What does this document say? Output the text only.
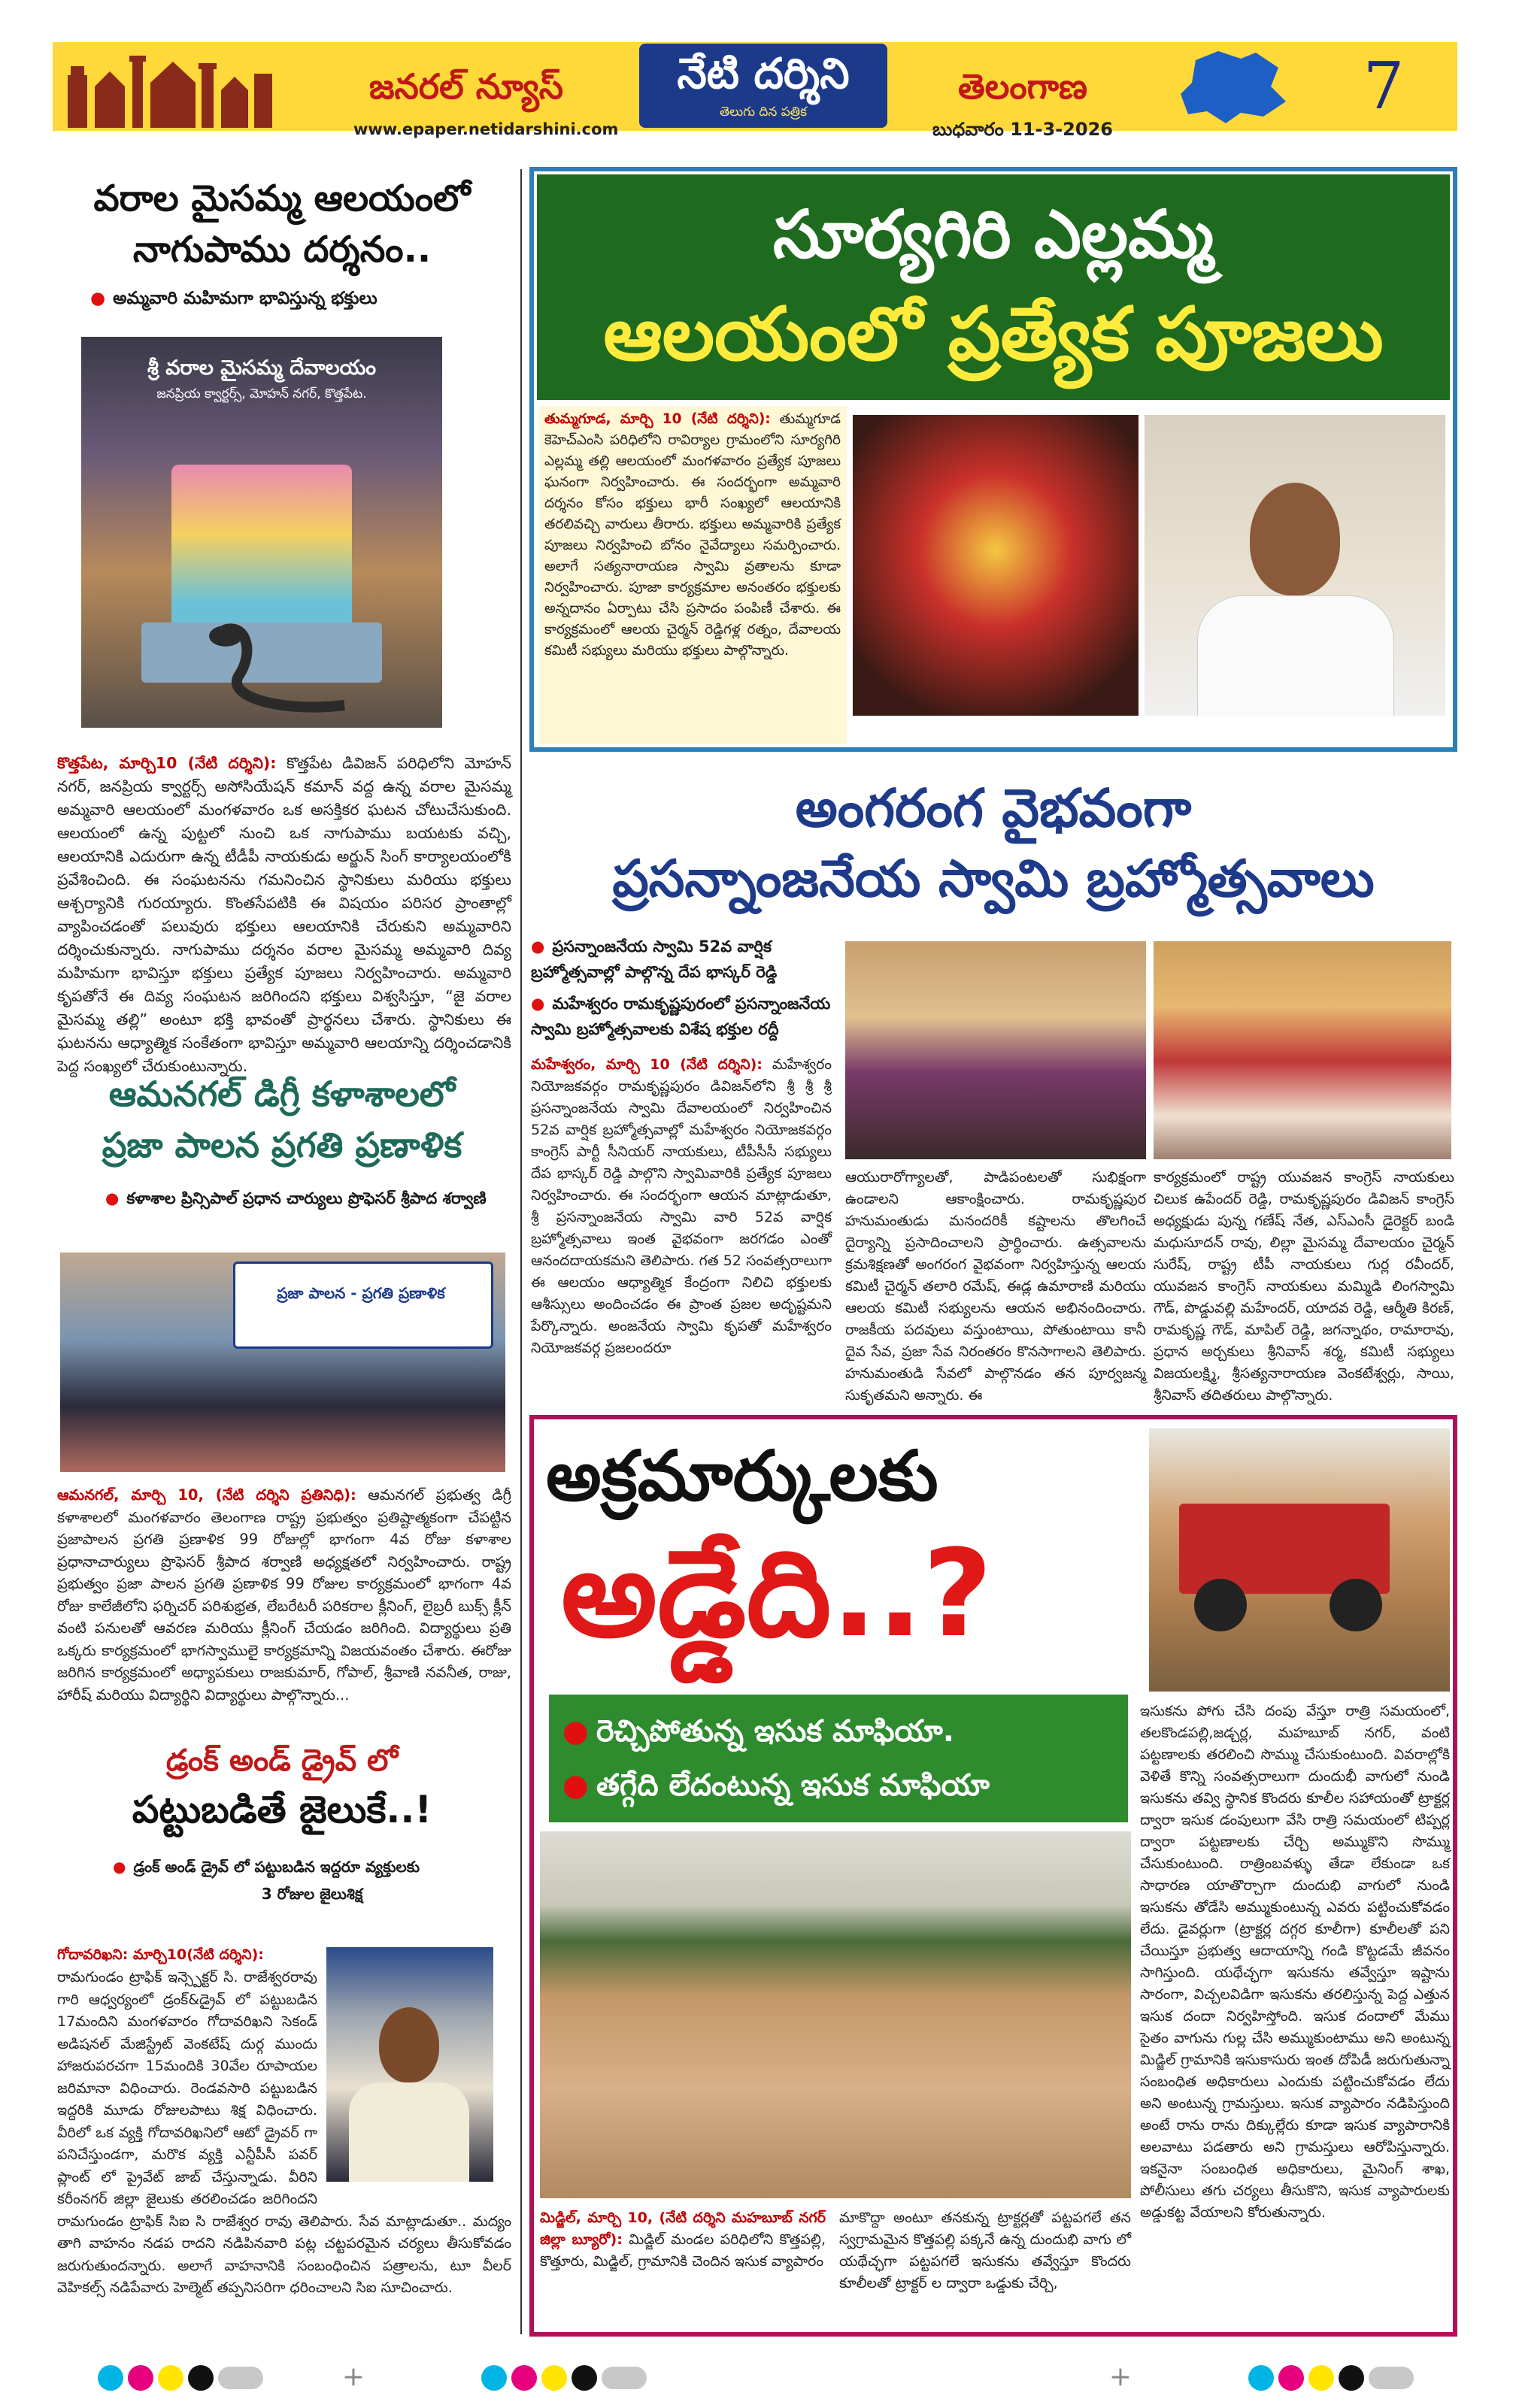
జనరల్ న్యూస్	నేటి దర్శిని
తెలుగు దిన పత్రిక
తెలంగాణ	7
www.epaper.netidarshini.com	బుధవారం 11-3-2026
వరాల మైసమ్మ ఆలయంలో
నాగుపాము దర్శనం..
● అమ్మవారి మహిమగా భావిస్తున్న భక్తులు
శ్రీ వరాల మైసమ్మ దేవాలయం
జనప్రియ క్వార్టర్స్, మోహన్ నగర్, కొత్తపేట.
కొత్తపేట, మార్చి10 (నేటి దర్శిని): కొత్తపేట డివిజన్ పరిధిలోని మోహన్ నగర్, జనప్రియ క్వార్టర్స్ అసోసియేషన్ కమాన్ వద్ద ఉన్న వరాల మైసమ్మ అమ్మవారి ఆలయంలో మంగళవారం ఒక అసక్తికర ఘటన చోటుచేసుకుంది. ఆలయంలో ఉన్న పుట్టలో నుంచి ఒక నాగుపాము బయటకు వచ్చి, ఆలయానికి ఎదురుగా ఉన్న టీడీపీ నాయకుడు అర్జున్ సింగ్ కార్యాలయంలోకి ప్రవేశించింది. ఈ సంఘటనను గమనించిన స్థానికులు మరియు భక్తులు ఆశ్చర్యానికి గురయ్యారు. కొంతసేపటికి ఈ విషయం పరిసర ప్రాంతాల్లో వ్యాపించడంతో పలువురు భక్తులు ఆలయానికి చేరుకుని అమ్మవారిని దర్శించుకున్నారు. నాగుపాము దర్శనం వరాల మైసమ్మ అమ్మవారి దివ్య మహిమగా భావిస్తూ భక్తులు ప్రత్యేక పూజలు నిర్వహించారు. అమ్మవారి కృపతోనే ఈ దివ్య సంఘటన జరిగిందని భక్తులు విశ్వసిస్తూ, “జై వరాల మైసమ్మ తల్లి” అంటూ భక్తి భావంతో ప్రార్థనలు చేశారు. స్థానికులు ఈ ఘటనను ఆధ్యాత్మిక సంకేతంగా భావిస్తూ అమ్మవారి ఆలయాన్ని దర్శించడానికి పెద్ద సంఖ్యలో చేరుకుంటున్నారు.
సూర్యగిరి ఎల్లమ్మ
ఆలయంలో ప్రత్యేక పూజలు
తుమ్మగూడ, మార్చి 10 (నేటి దర్శిని): తుమ్మగూడ కెహెచ్ఎంసి పరిధిలోని రావిర్యాల గ్రామంలోని సూర్యగిరి ఎల్లమ్మ తల్లి ఆలయంలో మంగళవారం ప్రత్యేక పూజలు ఘనంగా నిర్వహించారు. ఈ సందర్భంగా అమ్మవారి దర్శనం కోసం భక్తులు భారీ సంఖ్యలో ఆలయానికి తరలివచ్చి వారులు తీరారు. భక్తులు అమ్మవారికి ప్రత్యేక పూజలు నిర్వహించి బోనం నైవేద్యాలు సమర్పించారు. అలాగే సత్యనారాయణ స్వామి వ్రతాలను కూడా నిర్వహించారు. పూజా కార్యక్రమాల అనంతరం భక్తులకు అన్నదానం ఏర్పాటు చేసి ప్రసాదం పంపిణీ చేశారు. ఈ కార్యక్రమంలో ఆలయ చైర్మన్ రెడ్డిగళ్ల రత్నం, దేవాలయ కమిటీ సభ్యులు మరియు భక్తులు పాల్గొన్నారు.
అంగరంగ వైభవంగా
ప్రసన్నాంజనేయ స్వామి బ్రహ్మోత్సవాలు
● ప్రసన్నాంజనేయ స్వామి 52వ వార్షిక బ్రహ్మోత్సవాల్లో పాల్గొన్న దేప భాస్కర్ రెడ్డి
● మహేశ్వరం రామకృష్ణపురంలో ప్రసన్నాంజనేయ స్వామి బ్రహ్మోత్సవాలకు విశేష భక్తుల రద్దీ
మహేశ్వరం, మార్చి 10 (నేటి దర్శిని): మహేశ్వరం నియోజకవర్గం రామకృష్ణపురం డివిజన్‌లోని శ్రీ శ్రీ శ్రీ ప్రసన్నాంజనేయ స్వామి దేవాలయంలో నిర్వహించిన 52వ వార్షిక బ్రహ్మోత్సవాల్లో మహేశ్వరం నియోజకవర్గం కాంగ్రెస్ పార్టీ సీనియర్ నాయకులు, టీపీసీసీ సభ్యులు దేప భాస్కర్ రెడ్డి పాల్గొని స్వామివారికి ప్రత్యేక పూజలు నిర్వహించారు. ఈ సందర్భంగా ఆయన మాట్లాడుతూ, శ్రీ ప్రసన్నాంజనేయ స్వామి వారి 52వ వార్షిక బ్రహ్మోత్సవాలు ఇంత వైభవంగా జరగడం ఎంతో ఆనందదాయకమని తెలిపారు. గత 52 సంవత్సరాలుగా ఈ ఆలయం ఆధ్యాత్మిక కేంద్రంగా నిలిచి భక్తులకు ఆశీస్సులు అందించడం ఈ ప్రాంత ప్రజల అదృష్టమని పేర్కొన్నారు. అంజనేయ స్వామి కృపతో మహేశ్వరం నియోజకవర్గ ప్రజలందరూ
ఆయురారోగ్యాలతో, పాడిపంటలతో సుభిక్షంగా ఉండాలని ఆకాంక్షించారు. రామకృష్ణపుర హనుమంతుడు మనందరికీ కష్టాలను తొలగించే దైర్యాన్ని ప్రసాదించాలని ప్రార్థించారు. ఉత్సవాలను క్రమశిక్షణతో అంగరంగ వైభవంగా నిర్వహిస్తున్న ఆలయ కమిటీ చైర్మన్ తలారి రమేష్, ఈడ్ల ఉమారాణి మరియు ఆలయ కమిటీ సభ్యులను ఆయన అభినందించారు. రాజకీయ పదవులు వస్తుంటాయి, పోతుంటాయి కానీ దైవ సేవ, ప్రజా సేవ నిరంతరం కొనసాగాలని తెలిపారు. హనుమంతుడి సేవలో పాల్గొనడం తన పూర్వజన్మ సుకృతమని అన్నారు. ఈ
కార్యక్రమంలో రాష్ట్ర యువజన కాంగ్రెస్ నాయకులు చిలుక ఉపేందర్ రెడ్డి, రామకృష్ణపురం డివిజన్ కాంగ్రెస్ అధ్యక్షుడు పున్న గణేష్ నేత, ఎస్ఎంసీ డైరెక్టర్ బండి మధుసూదన్ రావు, లిల్లా మైసమ్మ దేవాలయం చైర్మన్ సురేష్, రాష్ట్ర టీపీ నాయకులు గుర్ల రవీందర్, యువజన కాంగ్రెస్ నాయకులు మమ్మిడి లింగస్వామి గౌడ్, పొడ్డువల్లి మహేందర్, యాదవ రెడ్డి, ఆర్మీతి కిరణ్, రామకృష్ణ గౌడ్, మాపిల్ రెడ్డి, జగన్నాథం, రామారావు, ప్రధాన అర్చకులు శ్రీనివాస్ శర్మ, కమిటీ సభ్యులు విజయలక్ష్మి, శ్రీసత్యనారాయణ వెంకటేశ్వర్లు, సాయి, శ్రీనివాస్ తదితరులు పాల్గొన్నారు.
ఆమనగల్ డిగ్రీ కళాశాలలో
ప్రజా పాలన ప్రగతి ప్రణాళిక
● కళాశాల ప్రిన్సిపాల్ ప్రధాన చార్యులు ప్రొఫెసర్ శ్రీపాద శర్వాణి
ప్రజా పాలన - ప్రగతి ప్రణాళిక
ఆమనగల్, మార్చి 10, (నేటి దర్శిని ప్రతినిధి): ఆమనగల్ ప్రభుత్వ డిగ్రీ కళాశాలలో మంగళవారం తెలంగాణ రాష్ట్ర ప్రభుత్వం ప్రతిష్టాత్మకంగా చేపట్టిన ప్రజాపాలన ప్రగతి ప్రణాళిక 99 రోజుల్లో భాగంగా 4వ రోజు కళాశాల ప్రధానాచార్యులు ప్రొఫెసర్ శ్రీపాద శర్వాణి అధ్యక్షతలో నిర్వహించారు. రాష్ట్ర ప్రభుత్వం ప్రజా పాలన ప్రగతి ప్రణాళిక 99 రోజుల కార్యక్రమంలో భాగంగా 4వ రోజు కాలేజీలోని ఫర్నిచర్ పరిశుభ్రత, లేబరేటరీ పరికరాల క్లీనింగ్, లైబ్రరీ బుక్స్ క్లీన్ వంటి పనులతో ఆవరణ మరియు క్లీనింగ్ చేయడం జరిగింది. విద్యార్థులు ప్రతి ఒక్కరు కార్యక్రమంలో భాగస్వాములై కార్యక్రమాన్ని విజయవంతం చేశారు. ఈరోజు జరిగిన కార్యక్రమంలో అధ్యాపకులు రాజకుమార్, గోపాల్, శ్రీవాణి నవనీత, రాజు, హారీష్ మరియు విద్యార్థిని విద్యార్థులు పాల్గొన్నారు...
డ్రంక్ అండ్ డ్రైవ్ లో
పట్టుబడితే జైలుకే..!
● డ్రంక్ అండ్ డ్రైవ్ లో పట్టుబడిన ఇద్దరూ వ్యక్తులకు
3 రోజుల జైలుశిక్ష
గోదావరిఖని: మార్చి10(నేటి దర్శిని):
రామగుండం ట్రాఫిక్ ఇన్స్పెక్టర్ సి. రాజేశ్వరరావు గారి ఆధ్వర్యంలో డ్రంక్&డ్రైవ్ లో పట్టుబడిన 17మందిని మంగళవారం గోదావరిఖని సెకండ్ అడిషనల్ మేజిస్ట్రేట్ వెంకటేష్ దుర్గ ముందు హాజరుపరచగా 15మందికి 30వేల రూపాయల జరిమానా విధించారు. రెండవసారి పట్టుబడిన ఇద్దరికి మూడు రోజులపాటు శిక్ష విధించారు. వీరిలో ఒక వ్యక్తి గోదావరిఖనిలో ఆటో డ్రైవర్ గా పనిచేస్తుండగా, మరొక వ్యక్తి ఎన్టీపీసీ పవర్ ప్లాంట్ లో ప్రైవేట్ జాబ్ చేస్తున్నాడు. వీరిని కరీంనగర్ జిల్లా జైలుకు తరలించడం జరిగిందని రామగుండం ట్రాఫిక్ సిఐ సి రాజేశ్వర రావు తెలిపారు. సేవ మాట్లాడుతూ.. మద్యం తాగి వాహనం నడప రాదని నడిపినవారి పట్ల చట్టపరమైన చర్యలు తీసుకోవడం జరుగుతుందన్నారు. అలాగే వాహనానికి సంబంధించిన పత్రాలను, టూ వీలర్ వెహికల్స్ నడిపేవారు హెల్మెట్ తప్పనిసరిగా ధరించాలని సిఐ సూచించారు.
అక్రమార్కులకు
అడ్డేది..?
● రెచ్చిపోతున్న ఇసుక మాఫియా.
● తగ్గేది లేదంటున్న ఇసుక మాఫియా
మిడ్జిల్, మార్చి 10, (నేటి దర్శిని మహబూబ్ నగర్ జిల్లా బ్యూరో): మిడ్జిల్ మండల పరిధిలోని కొత్తపల్లి, కొత్తూరు, మిడ్జిల్, గ్రామానికి చెందిన ఇసుక వ్యాపారం
మాకొద్దా అంటూ తనకున్న ట్రాక్టర్లతో పట్టపగలే తన స్వగ్రామమైన కొత్తపల్లి పక్కనే ఉన్న దుందుభి వాగు లో యథేచ్ఛగా పట్టపగలే ఇసుకను తవ్వేస్తూ కొందరు కూలీలతో ట్రాక్టర్ ల ద్వారా ఒడ్డుకు చేర్చి,
ఇసుకను పోగు చేసి దంపు వేస్తూ రాత్రి సమయంలో, తలకొండపల్లి,జడ్చర్ల, మహబూబ్ నగర్, వంటి పట్టణాలకు తరలించి సొమ్ము చేసుకుంటుంది. వివరాల్లోకి వెళితే కొన్ని సంవత్సరాలుగా దుందుభీ వాగులో నుండి ఇసుకను తవ్వి స్థానిక కొందరు కూలీల సహాయంతో ట్రాక్టర్ల ద్వారా ఇసుక డంపులుగా వేసి రాత్రి సమయంలో టిప్పర్ల ద్వారా పట్టణాలకు చేర్చి అమ్ముకొని సొమ్ము చేసుకుంటుంది. రాత్రింబవళ్ళు తేడా లేకుండా ఒక సాధారణ యాతొర్చాగా దుందుభి వాగులో నుండి ఇసుకను తోడేసి అమ్ముకుంటున్న ఎవరు పట్టించుకోవడం లేదు. డైవర్లుగా (ట్రాక్టర్ల దగ్గర కూలీగా) కూలీలతో పని చేయిస్తూ ప్రభుత్వ ఆదాయాన్ని గండి కొట్టడమే జీవనం సాగిస్తుంది. యథేచ్ఛగా ఇసుకను తవ్వేస్తూ ఇష్టాను సారంగా, విచ్చలవిడిగా ఇసుకను తరలిస్తున్న పెద్ద ఎత్తున ఇసుక దందా నిర్వహిస్తోంది. ఇసుక దందాలో మేము సైతం వాగును గుల్ల చేసి అమ్ముకుంటాము అని అంటున్న మిడ్జిల్ గ్రామానికి ఇసుకాసురు ఇంత దోపిడీ జరుగుతున్నా సంబంధిత అధికారులు ఎందుకు పట్టించుకోవడం లేదు అని అంటున్న గ్రామస్తులు. ఇసుక వ్యాపారం నడిపిస్తుంది అంటే రాను రాను దిక్కుల్లేరు కూడా ఇసుక వ్యాపారానికి అలవాటు పడతారు అని గ్రామస్తులు ఆరోపిస్తున్నారు. ఇకనైనా సంబంధిత అధికారులు, మైనింగ్ శాఖ, పోలీసులు తగు చర్యలు తీసుకొని, ఇసుక వ్యాపారులకు అడ్డుకట్ట వేయాలని కోరుతున్నారు.
+	+
